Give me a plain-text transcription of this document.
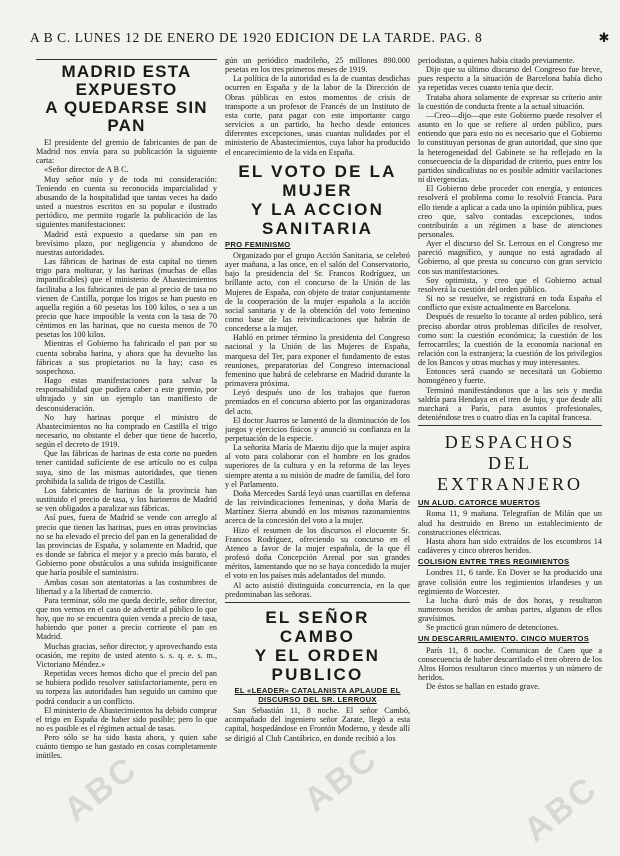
A B C. LUNES 12 DE ENERO DE 1920 EDICION DE LA TARDE. PAG. 8	✱
MADRID ESTA
EXPUESTO
A QUEDARSE SIN PAN

El presidente del gremio de fabricantes de pan de Madrid nos envía para su publicación la siguiente carta:

«Señor director de A B C.

Muy señor mío y de toda mi consideración: Teniendo en cuenta su reconocida imparcialidad y abusando de la hospitalidad que tantas veces ha dado usted a nuestros escritos en su popular e ilustrado periódico, me permito rogarle la publicación de las siguientes manifestaciones:

Madrid está expuesto a quedarse sin pan en brevísimo plazo, por negligencia y abandono de nuestras autoridades.

Las fábricas de harinas de esta capital no tienen trigo para molturar, y las harinas (muchas de ellas impanificables) que el ministerio de Abastecimientos facilitaba a los fabricantes de pan al precio de tasa no vienen de Castilla, porque los trigos se han puesto en aquella región a 60 pesetas los 100 kilos, o sea a un precio que hace imposible la venta con la tasa de 70 céntimos en las harinas, que no cuesta menos de 70 pesetas los 100 kilos.

Mientras el Gobierno ha fabricado el pan por su cuenta sobraba harina, y ahora que ha devuelto las fábricas a sus propietarios no la hay; caso es sospechoso.

Hago estas manifestaciones para salvar la responsabilidad que pudiera caber a este gremio, por ultrajado y sin un ejemplo tan manifiesto de desconsideración.

No hay harinas porque el ministro de Abastecimientos no ha comprado en Castilla el trigo necesario, no obstante el deber que tiene de hacerlo, según el decreto de 1919.

Que las fábricas de harinas de esta corte no pueden tener cantidad suficiente de ese artículo no es culpa suya, sino de las mismas autoridades, que tienen prohibida la salida de trigos de Castilla.

Los fabricantes de harinas de la provincia han sustituido el precio de tasa, y los harineros de Madrid se ven obligados a paralizar sus fábricas.

Así pues, fuera de Madrid se vende con arreglo al precio que tienen las harinas, pues en otras provincias no se ha elevado el precio del pan en la generalidad de las provincias de España, y solamente en Madrid, que es donde se fabrica el mejor y a precio más barato, el Gobierno pone obstáculos a una subida insignificante que haría posible el suministro.

Ambas cosas son atentatorias a las costumbres de libertad y a la libertad de comercio.

Para terminar, sólo me queda decirle, señor director, que nos vemos en el caso de advertir al público lo que hoy, que no se encuentra quien venda a precio de tasa, habiendo que poner a precio corriente el pan en Madrid.

Muchas gracias, señor director, y aprovechando esta ocasión, me repito de usted atento s. s. q. e. s. m., Victoriano Méndez.»

Repetidas veces hemos dicho que el precio del pan se hubiera podido resolver satisfactoriamente, pero en su torpeza las autoridades han seguido un camino que podrá conducir a un conflicto.

El ministerio de Abastecimientos ha debido comprar el trigo en España de haber sido posible; pero lo que no es posible es el régimen actual de tasas.

Pero sólo se ha sido hasta ahora, y quien sabe cuánto tiempo se han gastado en cosas completamente inútiles.

gún un periódico madrileño, 25 millones 890.000 pesetas en los tres primeros meses de 1919.

La política de la autoridad es la de cuantas desdichas ocurren en España y de la labor de la Dirección de Obras públicas en estos momentos de crisis de transporte a un profesor de Francés de un Instituto de esta corte, para pagar con este importante cargo servicios a un partido, ha hecho desde entonces diferentes excepciones, unas cuantas nulidades por el ministerio de Abastecimientos, cuya labor ha producido el encarecimiento de la vida en España.

EL VOTO DE LA MUJER
Y LA ACCION
SANITARIA
PRO FEMINISMO

Organizado por el grupo Acción Sanitaria, se celebró ayer mañana, a las once, en el salón del Conservatorio, bajo la presidencia del Sr. Francos Rodríguez, un brillante acto, con el concurso de la Unión de las Mujeres de España, con objeto de tratar conjuntamente de la cooperación de la mujer española a la acción social sanitaria y de la obtención del voto femenino como base de las reivindicaciones que habrán de concederse a la mujer.

Habló en primer término la presidenta del Congreso nacional y la Unión de las Mujeres de España, marquesa del Ter, para exponer el fundamento de estas reuniones, preparatorias del Congreso internacional femenino que habrá de celebrarse en Madrid durante la primavera próxima.

Leyó después uno de los trabajos que fueron premiados en el concurso abierto por las organizadoras del acto.

El doctor Juarros se lamentó de la disminución de los juegos y ejercicios físicos y anunció su confianza en la perpetuación de la especie.

La señorita María de Maeztu dijo que la mujer aspira al voto para colaborar con el hombre en los grados superiores de la cultura y en la reforma de las leyes siempre atenta a su misión de madre de familia, del foro y el Parlamento.

Doña Mercedes Sardá leyó unas cuartillas en defensa de las reivindicaciones femeninas, y doña María de Martínez Sierra abundó en los mismos razonamientos acerca de la concesión del voto a la mujer.

Hizo el resumen de los discursos el elocuente Sr. Francos Rodríguez, ofreciendo su concurso en el Ateneo a favor de la mujer española, de la que él profesó doña Concepción Arenal por sus grandes méritos, lamentando que no se haya concedido la mujer el voto en los países más adelantados del mundo.

Al acto asistió distinguida concurrencia, en la que predominaban las señoras.

EL SEÑOR CAMBO
Y EL ORDEN PUBLICO
EL «LEADER» CATALANISTA APLAUDE EL DISCURSO DEL SR. LERROUX

San Sebastián 11, 8 noche. El señor Cambó, acompañado del ingeniero señor Zarate, llegó a esta capital, hospedándose en Frontón Moderno, y desde allí se dirigió al Club Cantábrico, en donde recibió a los

periodistas, a quienes había citado previamente.

Dijo que su último discurso del Congreso fue breve, pues respecto a la situación de Barcelona había dicho ya repetidas veces cuanto tenía que decir.

Trataba ahora solamente de expresar su criterio ante la cuestión de conducta frente a la actual situación.

—Creo—dijo—que este Gobierno puede resolver el asunto en lo que se refiere al orden público, pues entiendo que para esto no es necesario que el Gobierno lo constituyan personas de gran autoridad, que sino que la heterogeneidad del Gabinete se ha reflejado en la consecuencia de la disparidad de criterio, pues entre los partidos sindicalistas no es posible admitir vacilaciones ni divergencias.

El Gobierno debe proceder con energía, y entonces resolverá el problema como lo resolvió Francia. Para ello tiende a aplicar a cada uno la opinión pública, pues creo que, salvo contadas excepciones, todos contribuirán a un régimen a base de atenciones personales.

Ayer el discurso del Sr. Lerroux en el Congreso me pareció magnífico, y aunque no está agradado al Gobierno, al que presta su concurso con gran servicio con sus manifestaciones.

Soy optimista, y creo que el Gobierno actual resolverá la cuestión del orden público.

Si no se resuelve, se registrará en toda España el conflicto que existe actualmente en Barcelona.

Después de resuelto lo tocante al orden público, será preciso abordar otros problemas difíciles de resolver, como son: la cuestión económica; la cuestión de los ferrocarriles; la cuestión de la economía nacional en relación con la extranjera; la cuestión de los privilegios de los Bancos y otras muchas y muy interesantes.

Entonces será cuando se necesitará un Gobierno homogéneo y fuerte.

Terminó manifestándonos que a las seis y media saldría para Hendaya en el tren de lujo, y que desde allí marchará a París, para asuntos profesionales, deteniéndose tres o cuatro días en la capital francesa.

DESPACHOS
DEL EXTRANJERO
UN ALUD. CATORCE MUERTOS

Roma 11, 9 mañana. Telegrafían de Milán que un alud ha destruido en Breno un establecimiento de construcciones eléctricas.

Hasta ahora han sido extraídos de los escombros 14 cadáveres y cinco obreros heridos.

COLISION ENTRE TRES REGIMIENTOS

Londres 11, 6 tarde. En Dover se ha producido una grave colisión entre los regimientos irlandeses y un regimiento de Worcester.

La lucha duró más de dos horas, y resultaron numerosos heridos de ambas partes, algunos de ellos gravísimos.

Se practicó gran número de detenciones.

UN DESCARRILAMIENTO. CINCO MUERTOS

París 11, 8 noche. Comunican de Caen que a consecuencia de haber descarrilado el tren obrero de los Altos Hornos resultaron cinco muertos y un número de heridos.

De éstos se hallan en estado grave.

ABC	ABC	ABC
